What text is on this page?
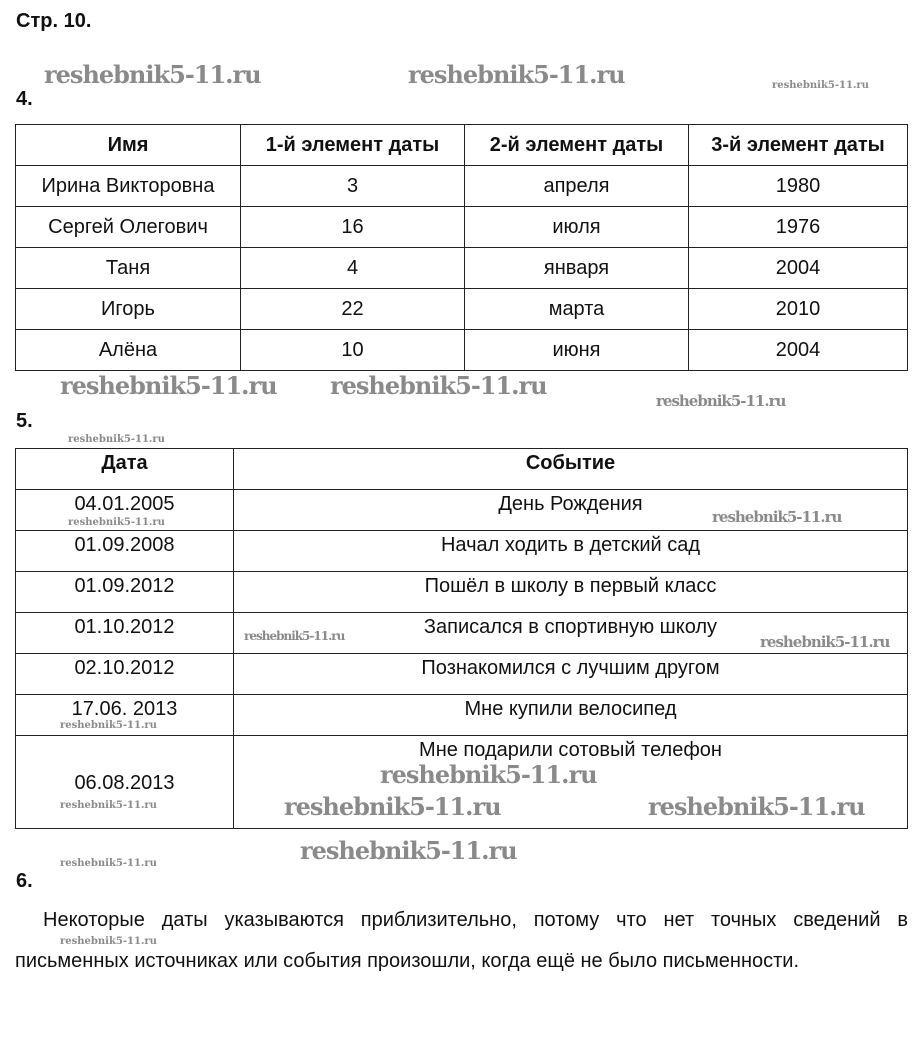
Стр. 10.
4.
Имя	1-й элемент даты	2-й элемент даты	3-й элемент даты
Ирина Викторовна	3	апреля	1980
Сергей Олегович	16	июля	1976
Таня	4	января	2004
Игорь	22	марта	2010
Алёна	10	июня	2004
5.
Дата	Событие
04.01.2005	День Рождения
01.09.2008	Начал ходить в детский сад
01.09.2012	Пошёл в школу в первый класс
01.10.2012	Записался в спортивную школу
02.10.2012	Познакомился с лучшим другом
17.06. 2013	Мне купили велосипед
06.08.2013	Мне подарили сотовый телефон
6.
Некоторые даты указываются приблизительно, потому что нет точных сведений в письменных источниках или события произошли, когда ещё не было письменности.
reshebnik5-11.ru	reshebnik5-11.ru	reshebnik5-11.ru
reshebnik5-11.ru reshebnik5-11.ru
reshebnik5-11.ru
reshebnik5-11.ru
reshebnik5-11.ru
reshebnik5-11.ru	reshebnik5-11.ru
reshebnik5-11.ru
reshebnik5-11.ru
reshebnik5-11.ru
reshebnik5-11.ru
reshebnik5-11.ru	reshebnik5-11.ru	reshebnik5-11.ru
reshebnik5-11.ru
reshebnik5-11.ru
